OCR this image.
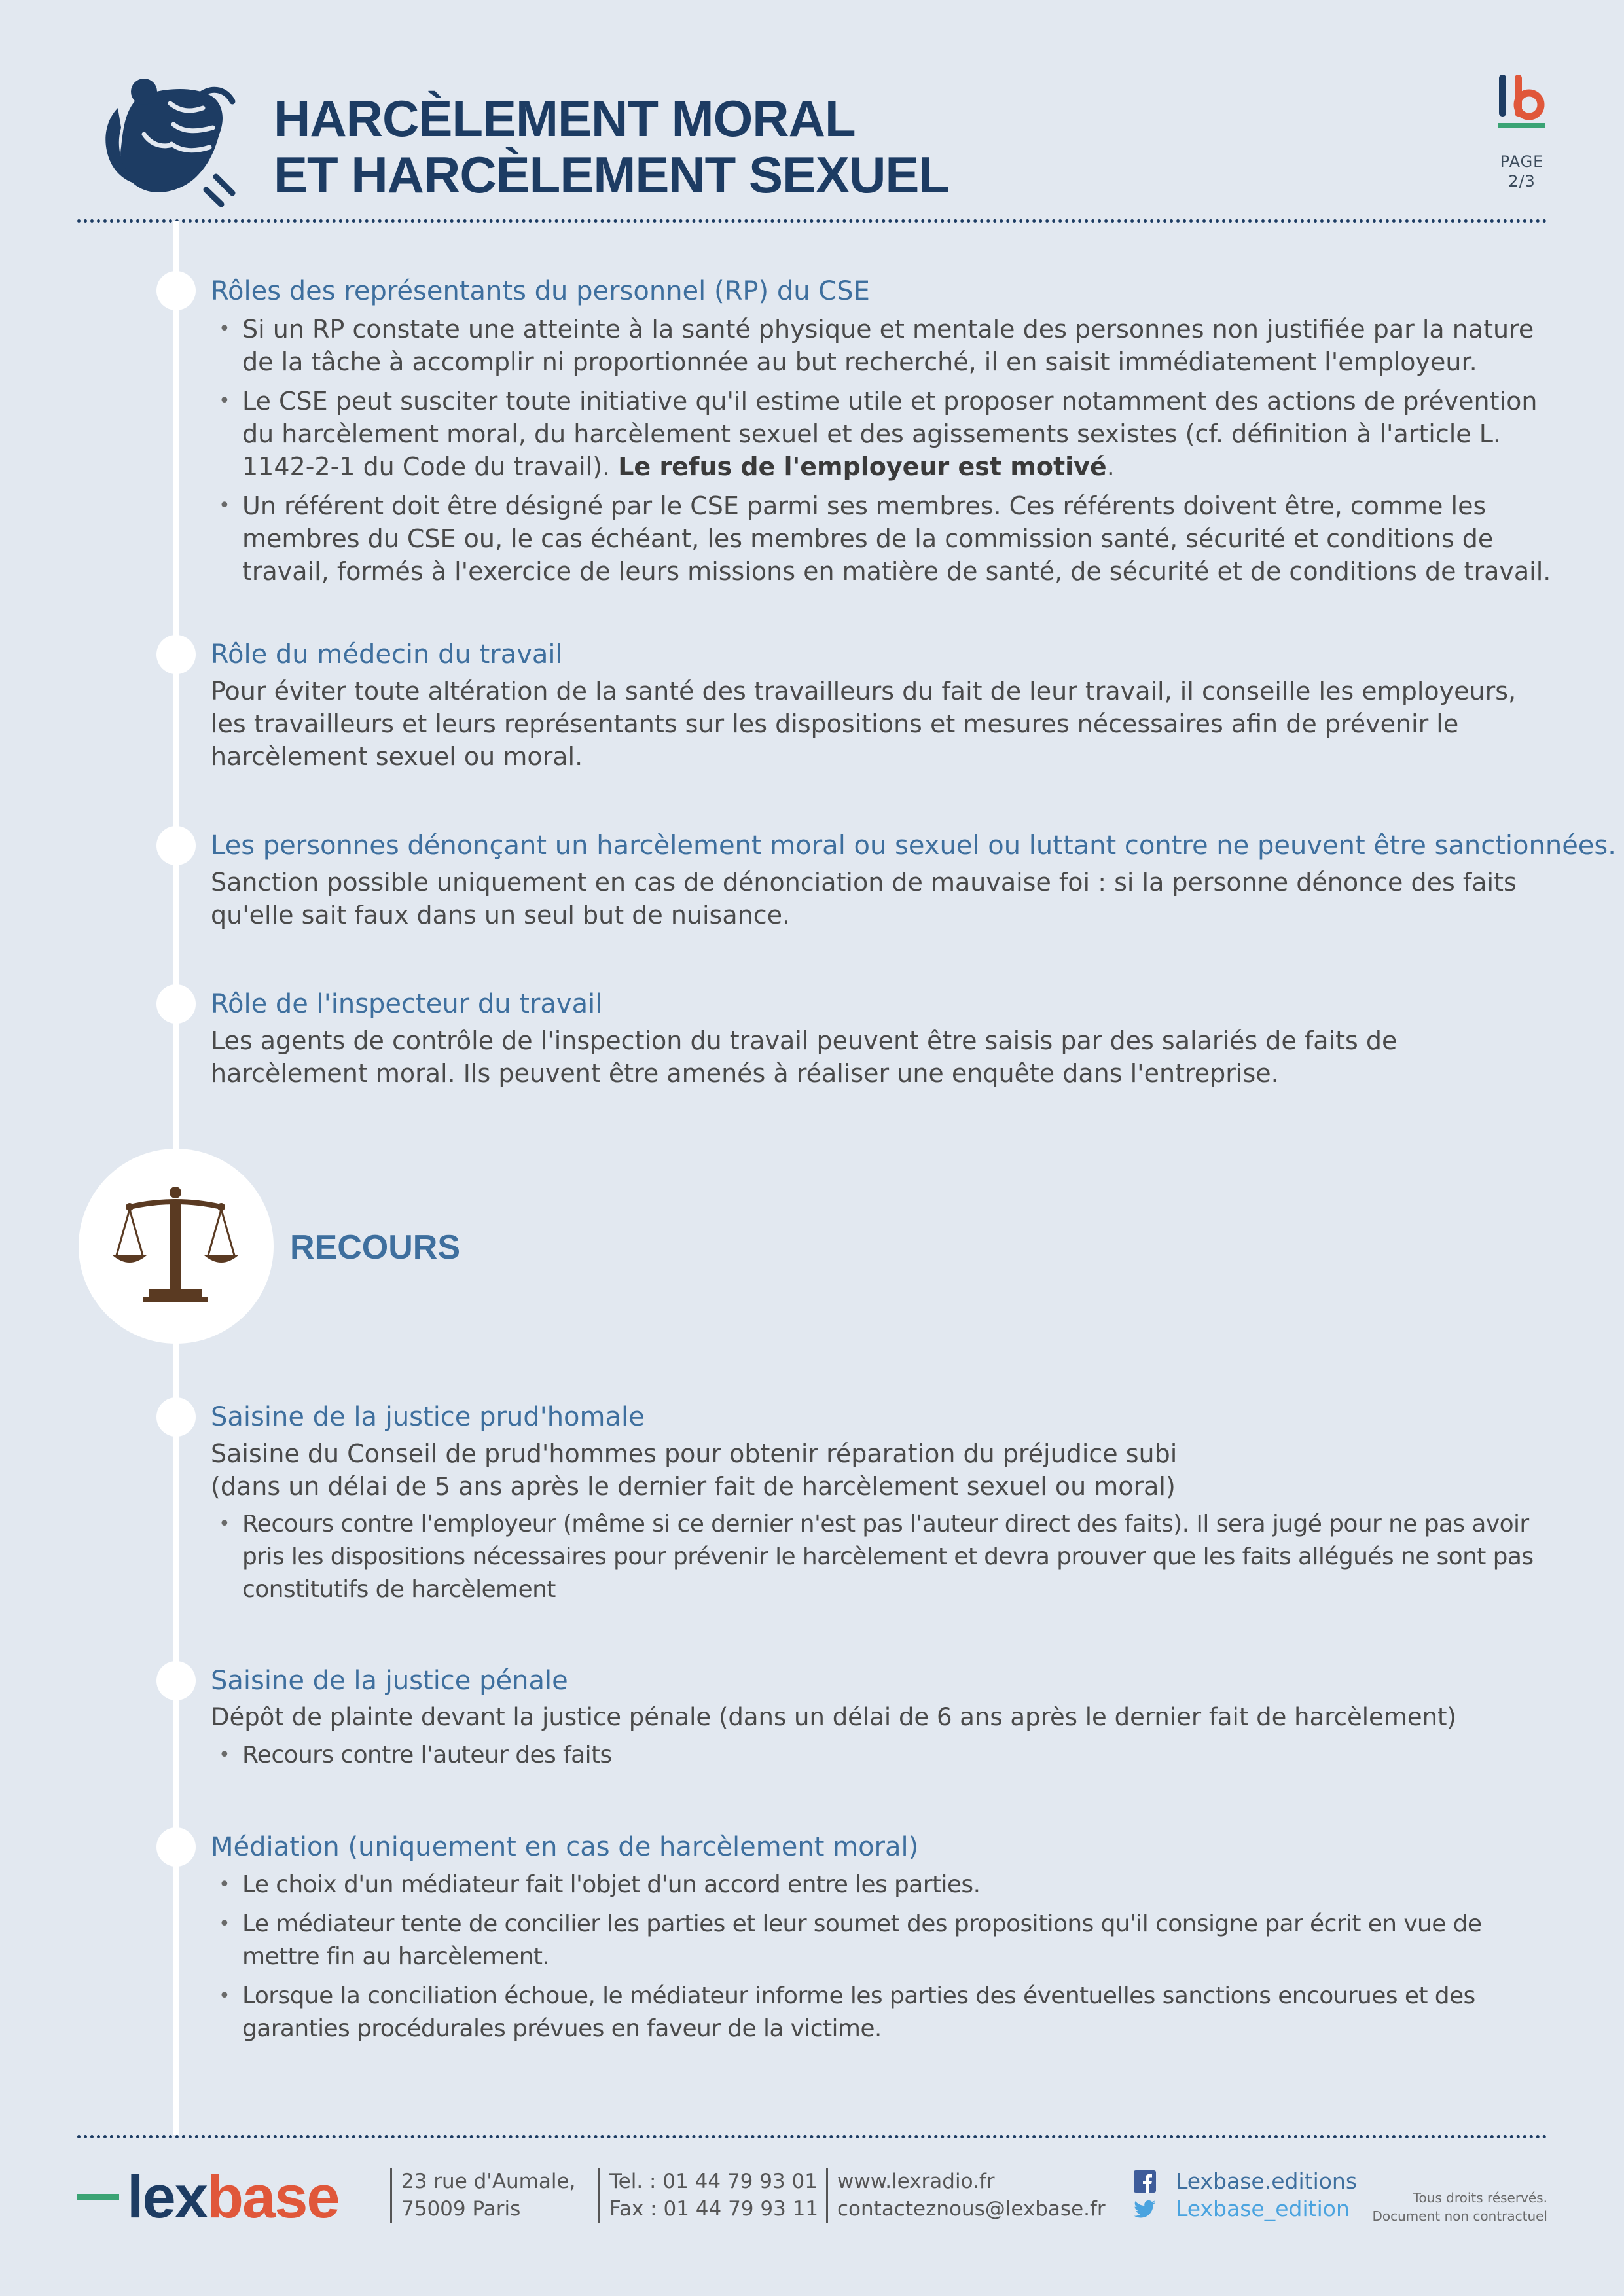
HARCÈLEMENT MORAL
ET HARCÈLEMENT SEXUEL	PAGE
2/3
Rôles des représentants du personnel (RP) du CSE
• Si un RP constate une atteinte à la santé physique et mentale des personnes non justifiée par la nature de la tâche à accomplir ni proportionnée au but recherché, il en saisit immédiatement l'employeur.
• Le CSE peut susciter toute initiative qu'il estime utile et proposer notamment des actions de prévention du harcèlement moral, du harcèlement sexuel et des agissements sexistes (cf. définition à l'article L. 1142-2-1 du Code du travail). Le refus de l'employeur est motivé.
• Un référent doit être désigné par le CSE parmi ses membres. Ces référents doivent être, comme les membres du CSE ou, le cas échéant, les membres de la commission santé, sécurité et conditions de travail, formés à l'exercice de leurs missions en matière de santé, de sécurité et de conditions de travail.
Rôle du médecin du travail

Pour éviter toute altération de la santé des travailleurs du fait de leur travail, il conseille les employeurs, les travailleurs et leurs représentants sur les dispositions et mesures nécessaires afin de prévenir le harcèlement sexuel ou moral.

Les personnes dénonçant un harcèlement moral ou sexuel ou luttant contre ne peuvent être sanctionnées.

Sanction possible uniquement en cas de dénonciation de mauvaise foi : si la personne dénonce des faits qu'elle sait faux dans un seul but de nuisance.

Rôle de l'inspecteur du travail

Les agents de contrôle de l'inspection du travail peuvent être saisis par des salariés de faits de harcèlement moral. Ils peuvent être amenés à réaliser une enquête dans l'entreprise.

RECOURS
Saisine de la justice prud'homale

Saisine du Conseil de prud'hommes pour obtenir réparation du préjudice subi
(dans un délai de 5 ans après le dernier fait de harcèlement sexuel ou moral)

• Recours contre l'employeur (même si ce dernier n'est pas l'auteur direct des faits). Il sera jugé pour ne pas avoir pris les dispositions nécessaires pour prévenir le harcèlement et devra prouver que les faits allégués ne sont pas constitutifs de harcèlement
Saisine de la justice pénale

Dépôt de plainte devant la justice pénale (dans un délai de 6 ans après le dernier fait de harcèlement)

• Recours contre l'auteur des faits
Médiation (uniquement en cas de harcèlement moral)
• Le choix d'un médiateur fait l'objet d'un accord entre les parties.
• Le médiateur tente de concilier les parties et leur soumet des propositions qu'il consigne par écrit en vue de mettre fin au harcèlement.
• Lorsque la conciliation échoue, le médiateur informe les parties des éventuelles sanctions encourues et des garanties procédurales prévues en faveur de la victime.
lexbase	23 rue d'Aumale,
75009 Paris
Tel. : 01 44 79 93 01
Fax : 01 44 79 93 11
www.lexradio.fr
contacteznous@lexbase.fr
Lexbase.editions
Lexbase_edition	Tous droits réservés.
Document non contractuel
